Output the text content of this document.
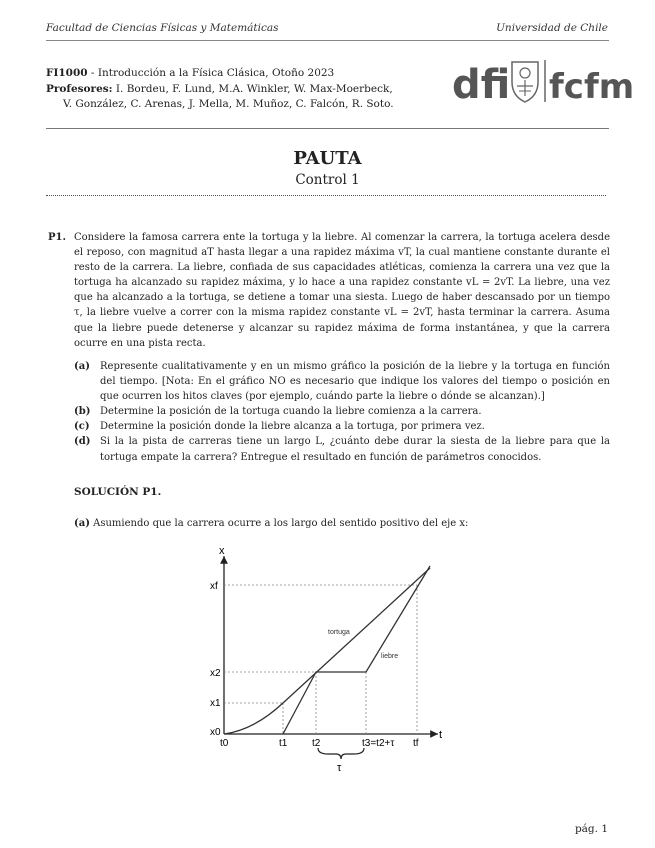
Facultad de Ciencias Físicas y Matemáticas	Universidad de Chile
FI1000 - Introducción a la Física Clásica, Otoño 2023
Profesores: I. Bordeu, F. Lund, M.A. Winkler, W. Max-Moerbeck,
V. González, C. Arenas, J. Mella, M. Muñoz, C. Falcón, R. Soto.	dfi fcfm
PAUTA
Control 1
P1. Considere la famosa carrera ente la tortuga y la liebre. Al comenzar la carrera, la tortuga acelera desde el reposo, con magnitud aT hasta llegar a una rapidez máxima vT, la cual mantiene constante durante el resto de la carrera. La liebre, confiada de sus capacidades atléticas, comienza la carrera una vez que la tortuga ha alcanzado su rapidez máxima, y lo hace a una rapidez constante vL = 2vT. La liebre, una vez que ha alcanzado a la tortuga, se detiene a tomar una siesta. Luego de haber descansado por un tiempo τ, la liebre vuelve a correr con la misma rapidez constante vL = 2vT, hasta terminar la carrera. Asuma que la liebre puede detenerse y alcanzar su rapidez máxima de forma instantánea, y que la carrera ocurre en una pista recta.
(a) Represente cualitativamente y en un mismo gráfico la posición de la liebre y la tortuga en función del tiempo. [Nota: En el gráfico NO es necesario que indique los valores del tiempo o posición en que ocurren los hitos claves (por ejemplo, cuándo parte la liebre o dónde se alcanzan).]
(b) Determine la posición de la tortuga cuando la liebre comienza a la carrera.
(c) Determine la posición donde la liebre alcanza a la tortuga, por primera vez.
(d) Si la la pista de carreras tiene un largo L, ¿cuánto debe durar la siesta de la liebre para que la tortuga empate la carrera? Entregue el resultado en función de parámetros conocidos.
SOLUCIÓN P1.
(a) Asumiendo que la carrera ocurre a los largo del sentido positivo del eje x:
x
t
tortuga
liebre
xf
x2
x1
x0
t0	t1 t2	t3=t2+τ tf
τ
pág. 1
